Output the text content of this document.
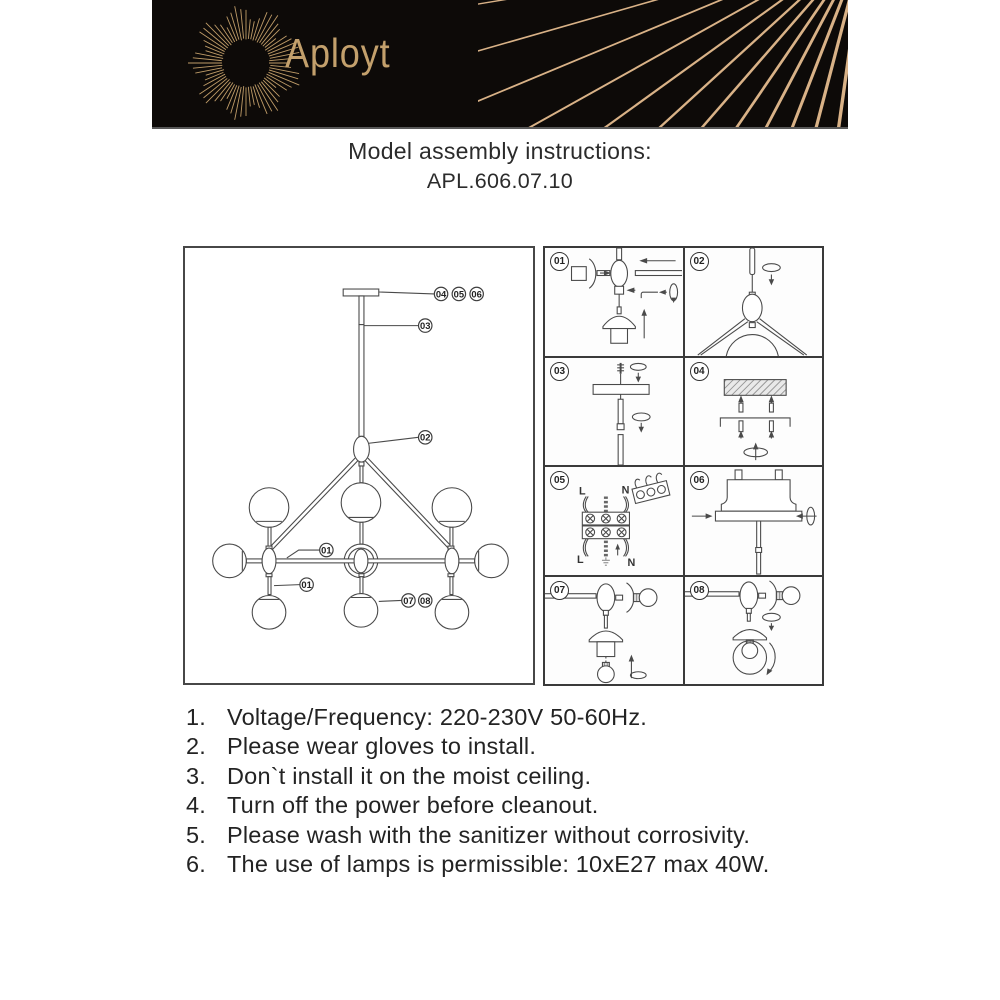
Aployt
Model assembly instructions:
APL.606.07.10
04 05 06
03
02
01
01
07 08
01	02
03	04
05
L	N
L	N
06
07	08
1. Voltage/Frequency: 220-230V 50-60Hz.
2. Please wear gloves to install.
3. Don`t install it on the moist ceiling.
4. Turn off the power before cleanout.
5. Please wash with the sanitizer without corrosivity.
6. The use of lamps is permissible: 10xE27 max 40W.
